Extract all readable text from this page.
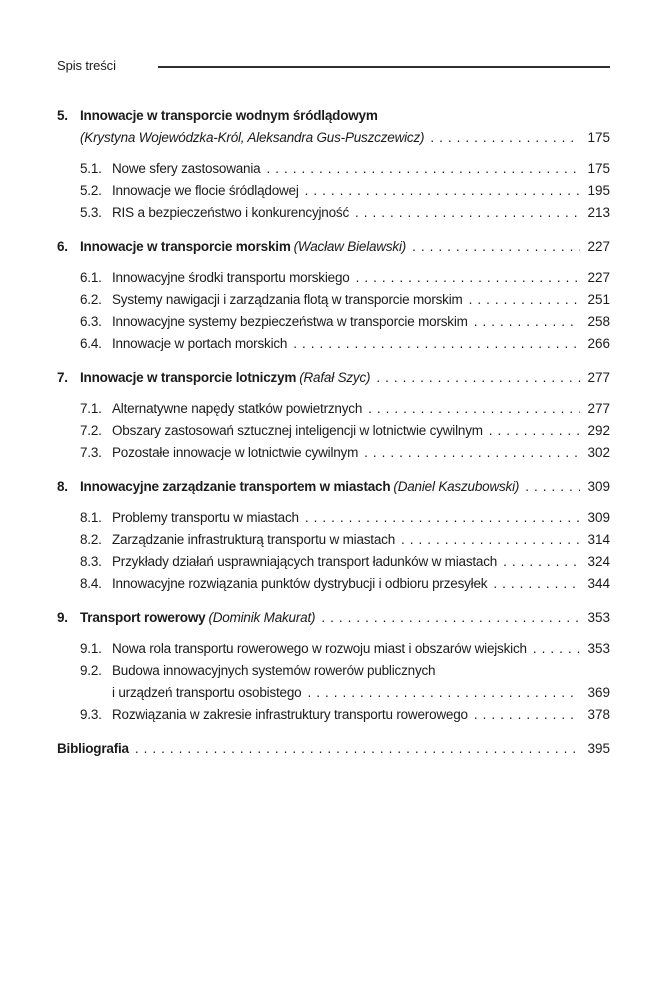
Spis treści
5. Innowacje w transporcie wodnym śródlądowym
(Krystyna Wojewódzka-Król, Aleksandra Gus-Puszczewicz) .....	175
5.1. Nowe sfery zastosowania .....	175
5.2. Innowacje we flocie śródlądowej .....	195
5.3. RIS a bezpieczeństwo i konkurencyjność .....	213
6. Innowacje w transporcie morskim (Wacław Bielawski) .....	227
6.1. Innowacyjne środki transportu morskiego .....	227
6.2. Systemy nawigacji i zarządzania flotą w transporcie morskim .....	251
6.3. Innowacyjne systemy bezpieczeństwa w transporcie morskim .....	258
6.4. Innowacje w portach morskich .....	266
7. Innowacje w transporcie lotniczym (Rafał Szyc) .....	277
7.1. Alternatywne napędy statków powietrznych .....	277
7.2. Obszary zastosowań sztucznej inteligencji w lotnictwie cywilnym .....	292
7.3. Pozostałe innowacje w lotnictwie cywilnym .....	302
8. Innowacyjne zarządzanie transportem w miastach (Daniel Kaszubowski) .....	309
8.1. Problemy transportu w miastach .....	309
8.2. Zarządzanie infrastrukturą transportu w miastach .....	314
8.3. Przykłady działań usprawniających transport ładunków w miastach .....	324
8.4. Innowacyjne rozwiązania punktów dystrybucji i odbioru przesyłek .....	344
9. Transport rowerowy (Dominik Makurat) .....	353
9.1. Nowa rola transportu rowerowego w rozwoju miast i obszarów wiejskich .....	353
9.2. Budowa innowacyjnych systemów rowerów publicznych
i urządzeń transportu osobistego .....	369
9.3. Rozwiązania w zakresie infrastruktury transportu rowerowego .....	378
Bibliografia .....	395
